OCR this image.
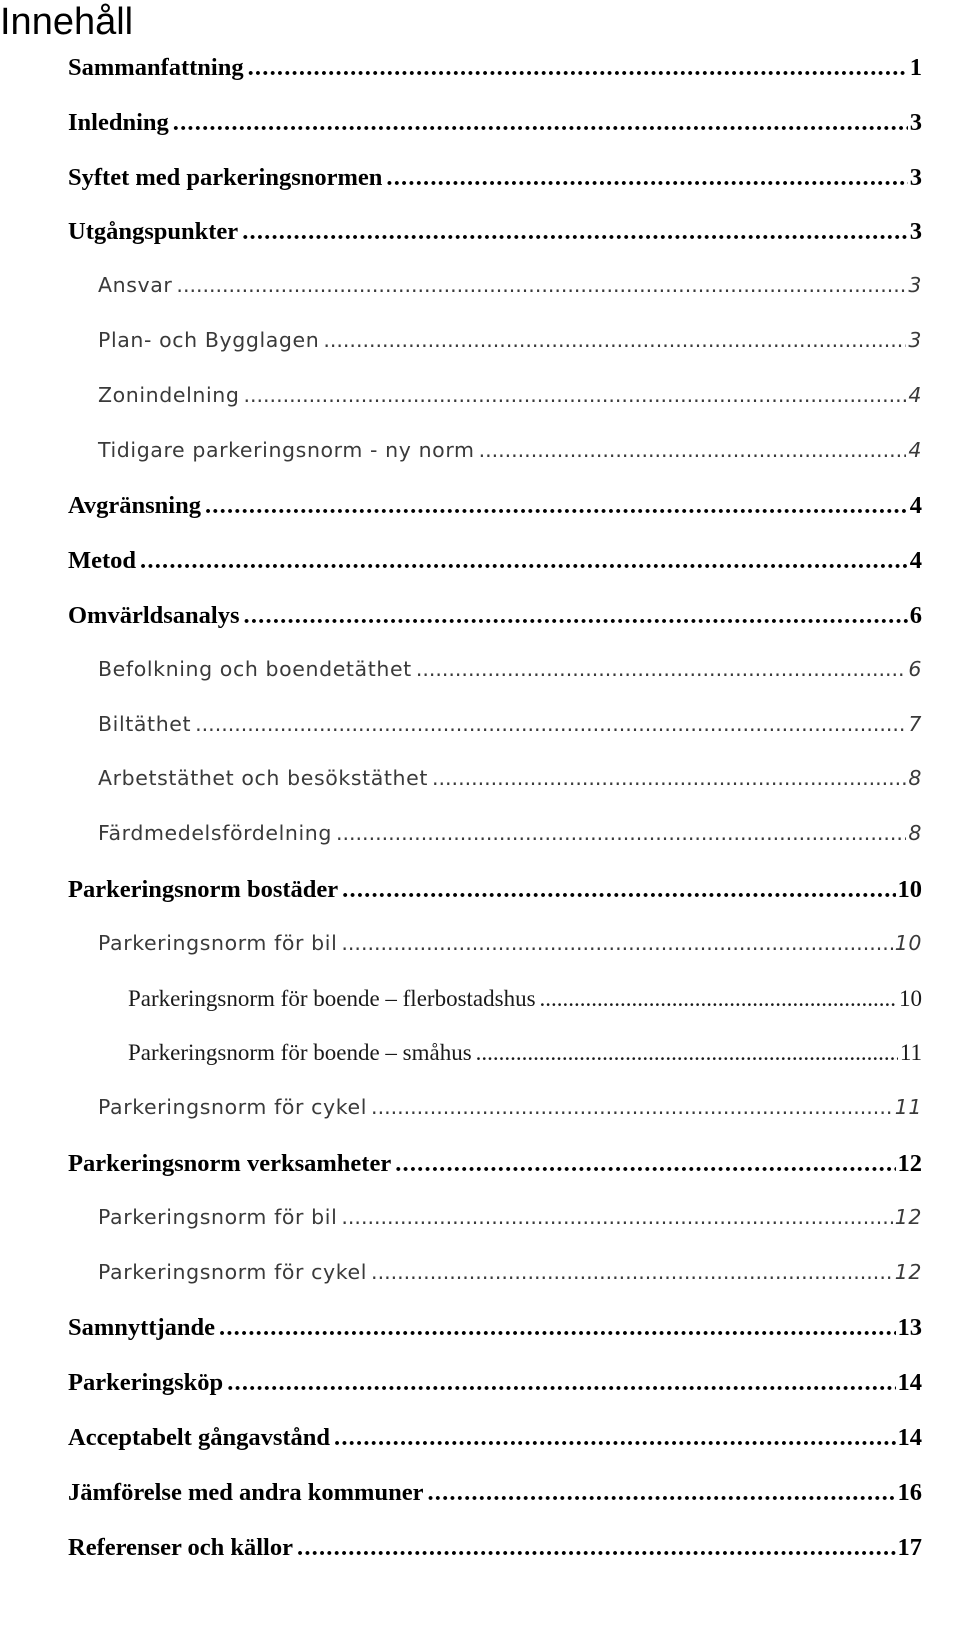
Innehåll
Sammanfattning .....	1
Inledning .....	3
Syftet med parkeringsnormen .....	3
Utgångspunkter .....	3
Ansvar .....	3
Plan- och Bygglagen .....	3
Zonindelning .....	4
Tidigare parkeringsnorm - ny norm .....	4
Avgränsning .....	4
Metod .....	4
Omvärldsanalys .....	6
Befolkning och boendetäthet .....	6
Biltäthet .....	7
Arbetstäthet och besökstäthet .....	8
Färdmedelsfördelning .....	8
Parkeringsnorm bostäder .....	10
Parkeringsnorm för bil .....	10
Parkeringsnorm för boende – flerbostadshus .....	10
Parkeringsnorm för boende – småhus .....	11
Parkeringsnorm för cykel .....	11
Parkeringsnorm verksamheter .....	12
Parkeringsnorm för bil .....	12
Parkeringsnorm för cykel .....	12
Samnyttjande .....	13
Parkeringsköp .....	14
Acceptabelt gångavstånd .....	14
Jämförelse med andra kommuner .....	16
Referenser och källor .....	17
